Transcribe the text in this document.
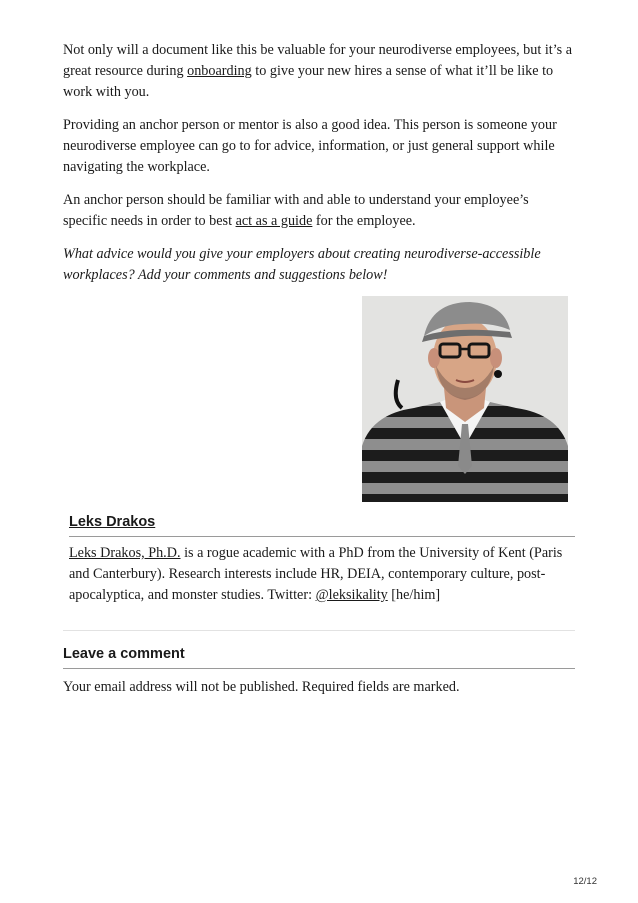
Not only will a document like this be valuable for your neurodiverse employees, but it’s a great resource during onboarding to give your new hires a sense of what it’ll be like to work with you.

Providing an anchor person or mentor is also a good idea. This person is someone your neurodiverse employee can go to for advice, information, or just general support while navigating the workplace.

An anchor person should be familiar with and able to understand your employee’s specific needs in order to best act as a guide for the employee.

What advice would you give your employers about creating neurodiverse-accessible workplaces? Add your comments and suggestions below!

Leks Drakos

Leks Drakos, Ph.D. is a rogue academic with a PhD from the University of Kent (Paris and Canterbury). Research interests include HR, DEIA, contemporary culture, post-apocalyptica, and monster studies. Twitter: @leksikality [he/him]

Leave a comment

Your email address will not be published. Required fields are marked.

12/12
